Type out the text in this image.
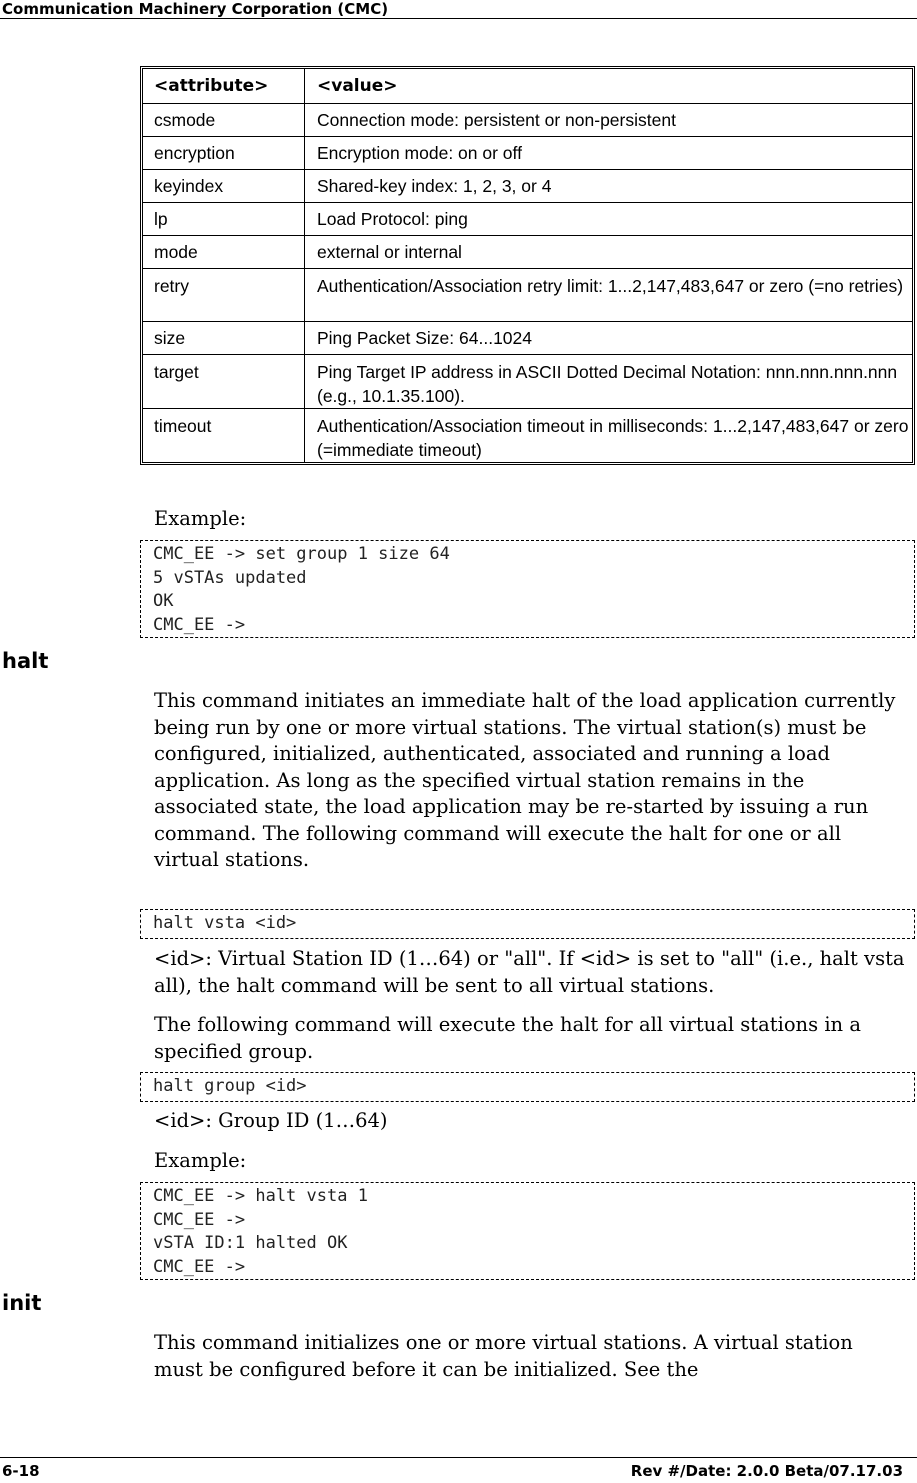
Communication Machinery Corporation (CMC)
<attribute>	<value>
csmode	Connection mode: persistent or non-persistent
encryption	Encryption mode: on or off
keyindex	Shared-key index: 1, 2, 3, or 4
lp	Load Protocol: ping
mode	external or internal
retry	Authentication/Association retry limit: 1...2,147,483,647 or zero (=no retries)
size	Ping Packet Size: 64...1024
target	Ping Target IP address in ASCII Dotted Decimal Notation: nnn.nnn.nnn.nnn (e.g., 10.1.35.100).
timeout	Authentication/Association timeout in milliseconds: 1...2,147,483,647 or zero (=immediate timeout)
Example:
CMC_EE -> set group 1 size 64
5 vSTAs updated
OK
CMC_EE ->
halt
This command initiates an immediate halt of the load application currently being run by one or more virtual stations. The virtual station(s) must be configured, initialized, authenticated, associated and running a load application. As long as the specified virtual station remains in the associated state, the load application may be re-started by issuing a run command. The following command will execute the halt for one or all virtual stations.
halt vsta <id>
<id>: Virtual Station ID (1…64) or "all". If <id> is set to "all" (i.e., halt vsta all), the halt command will be sent to all virtual stations.
The following command will execute the halt for all virtual stations in a specified group.
halt group <id>
<id>: Group ID (1…64)
Example:
CMC_EE -> halt vsta 1
CMC_EE ->
vSTA ID:1 halted OK
CMC_EE ->
init
This command initializes one or more virtual stations. A virtual station must be configured before it can be initialized. See the
6-18	Rev #/Date: 2.0.0 Beta/07.17.03
